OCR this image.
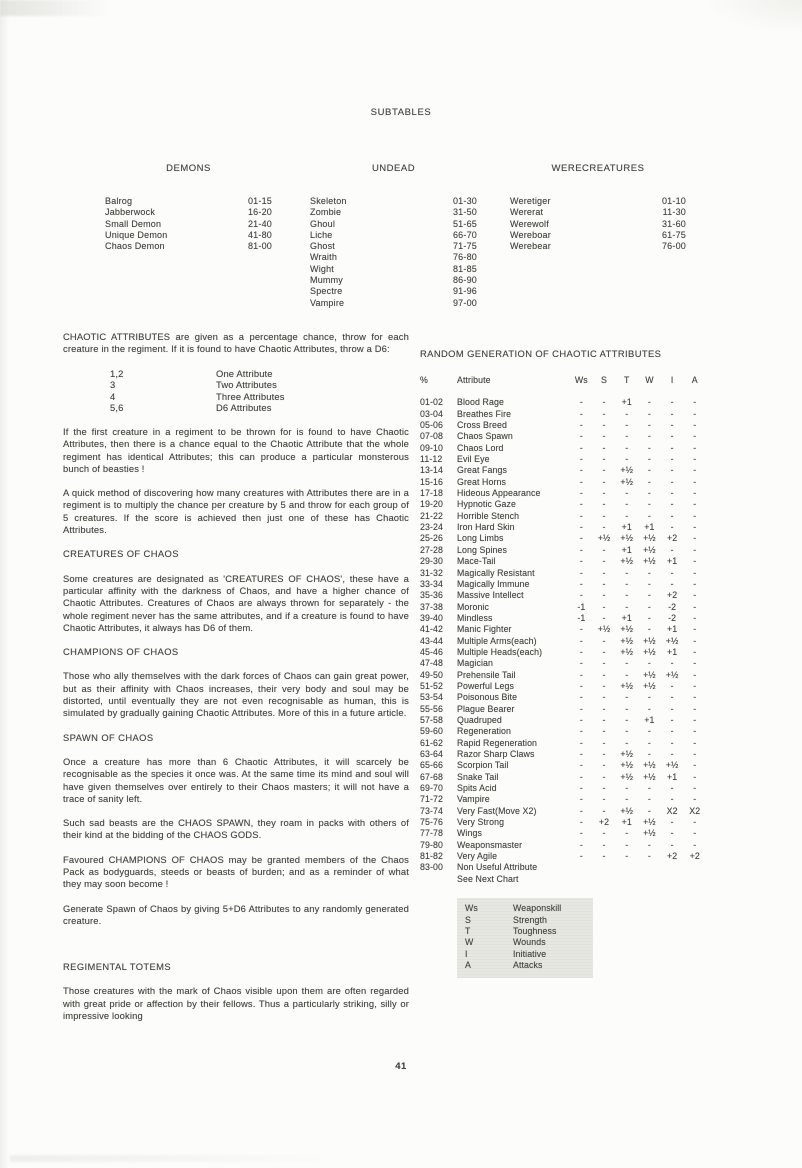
SUBTABLES
DEMONS
Balrog	01-15
Jabberwock	16-20
Small Demon	21-40
Unique Demon	41-80
Chaos Demon	81-00
UNDEAD
Skeleton	01-30
Zombie	31-50
Ghoul	51-65
Liche	66-70
Ghost	71-75
Wraith	76-80
Wight	81-85
Mummy	86-90
Spectre	91-96
Vampire	97-00
WERECREATURES
Weretiger	01-10
Wererat	11-30
Werewolf	31-60
Wereboar	61-75
Werebear	76-00

CHAOTIC ATTRIBUTES are given as a percentage chance, throw for each creature in the regiment. If it is found to have Chaotic Attributes, throw a D6:

1,2	One Attribute
3	Two Attributes
4	Three Attributes
5,6	D6 Attributes

If the first creature in a regiment to be thrown for is found to have Chaotic Attributes, then there is a chance equal to the Chaotic Attribute that the whole regiment has identical Attributes; this can produce a particular monsterous bunch of beasties !

A quick method of discovering how many creatures with Attributes there are in a regiment is to multiply the chance per creature by 5 and throw for each group of 5 creatures. If the score is achieved then just one of these has Chaotic Attributes.

CREATURES OF CHAOS

Some creatures are designated as 'CREATURES OF CHAOS', these have a particular affinity with the darkness of Chaos, and have a higher chance of Chaotic Attributes. Creatures of Chaos are always thrown for separately - the whole regiment never has the same attributes, and if a creature is found to have Chaotic Attributes, it always has D6 of them.

CHAMPIONS OF CHAOS

Those who ally themselves with the dark forces of Chaos can gain great power, but as their affinity with Chaos increases, their very body and soul may be distorted, until eventually they are not even recognisable as human, this is simulated by gradually gaining Chaotic Attributes. More of this in a future article.

SPAWN OF CHAOS

Once a creature has more than 6 Chaotic Attributes, it will scarcely be recognisable as the species it once was. At the same time its mind and soul will have given themselves over entirely to their Chaos masters; it will not have a trace of sanity left.

Such sad beasts are the CHAOS SPAWN, they roam in packs with others of their kind at the bidding of the CHAOS GODS.

Favoured CHAMPIONS OF CHAOS may be granted members of the Chaos Pack as bodyguards, steeds or beasts of burden; and as a reminder of what they may soon become !

Generate Spawn of Chaos by giving 5+D6 Attributes to any randomly generated creature.

REGIMENTAL TOTEMS

Those creatures with the mark of Chaos visible upon them are often regarded with great pride or affection by their fellows. Thus a particularly striking, silly or impressive looking

RANDOM GENERATION OF CHAOTIC ATTRIBUTES
%	Attribute	Ws	S	T	W	I	A
01-02	Blood Rage	-	-	+1	-	-	-
03-04	Breathes Fire	-	-	-	-	-	-
05-06	Cross Breed	-	-	-	-	-	-
07-08	Chaos Spawn	-	-	-	-	-	-
09-10	Chaos Lord	-	-	-	-	-	-
11-12	Evil Eye	-	-	-	-	-	-
13-14	Great Fangs	-	-	+½	-	-	-
15-16	Great Horns	-	-	+½	-	-	-
17-18	Hideous Appearance	-	-	-	-	-	-
19-20	Hypnotic Gaze	-	-	-	-	-	-
21-22	Horrible Stench	-	-	-	-	-	-
23-24	Iron Hard Skin	-	-	+1	+1	-	-
25-26	Long Limbs	-	+½	+½	+½	+2	-
27-28	Long Spines	-	-	+1	+½	-	-
29-30	Mace-Tail	-	-	+½	+½	+1	-
31-32	Magically Resistant	-	-	-	-	-	-
33-34	Magically Immune	-	-	-	-	-	-
35-36	Massive Intellect	-	-	-	-	+2	-
37-38	Moronic	-1	-	-	-	-2	-
39-40	Mindless	-1	-	+1	-	-2	-
41-42	Manic Fighter	-	+½	+½	-	+1	-
43-44	Multiple Arms(each)	-	-	+½	+½	+½	-
45-46	Multiple Heads(each)	-	-	+½	+½	+1	-
47-48	Magician	-	-	-	-	-	-
49-50	Prehensile Tail	-	-	-	+½	+½	-
51-52	Powerful Legs	-	-	+½	+½	-	-
53-54	Poisonous Bite	-	-	-	-	-	-
55-56	Plague Bearer	-	-	-	-	-	-
57-58	Quadruped	-	-	-	+1	-	-
59-60	Regeneration	-	-	-	-	-	-
61-62	Rapid Regeneration	-	-	-	-	-	-
63-64	Razor Sharp Claws	-	-	+½	-	-	-
65-66	Scorpion Tail	-	-	+½	+½	+½	-
67-68	Snake Tail	-	-	+½	+½	+1	-
69-70	Spits Acid	-	-	-	-	-	-
71-72	Vampire	-	-	-	-	-	-
73-74	Very Fast(Move X2)	-	-	+½	-	X2	X2
75-76	Very Strong	-	+2	+1	+½	-	-
77-78	Wings	-	-	-	+½	-	-
79-80	Weaponsmaster	-	-	-	-	-	-
81-82	Very Agile	-	-	-	-	+2	+2
83-00	Non Useful Attribute
See Next Chart
Ws	Weaponskill
S	Strength
T	Toughness
W	Wounds
I	Initiative
A	Attacks
41
